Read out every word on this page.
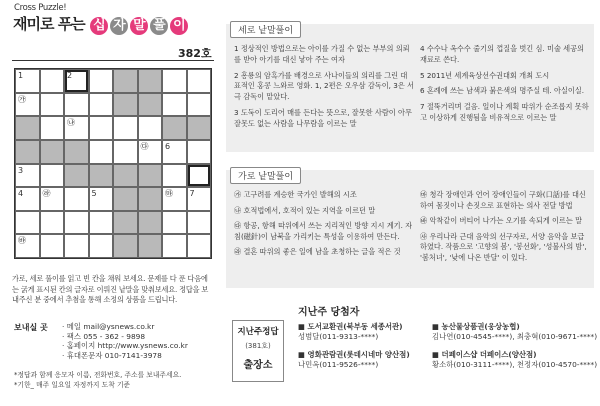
Cross Puzzle!
재미로 푸는 십 자 말 풀 이
382호
1	2
㉮
㉯
㉰ 6
3
4 ㉱	5	㉲ 7
㉳
가로, 세로 풀이를 읽고 빈 칸을 채워 보세요. 문제를 다 푼 다음에는 굵게 표시된 칸의 글자로 이뤄진 낱말을 맞춰보세요. 정답을 보내주신 분 중에서 추첨을 통해 소정의 상품을 드립니다.
보내실 곳 · 메일 mail@ysnews.co.kr
· 팩스 055 - 362 - 9898
· 홈페이지 http://www.ysnews.co.kr
· 휴대폰문자 010-7141-3978
*정답과 함께 응모자 이름, 전화번호, 주소를 보내주세요.
*기한_ 매주 일요일 자정까지 도착 기준
세로 낱말풀이
1 정상적인 방법으로는 아이를 가질 수 없는 부부의 의뢰를 받아 아기를 대신 낳아 주는 여자
2 흥룡의 암흑가를 배경으로 사나이들의 의리를 그린 대표적인 홍콩 느와르 영화. 1, 2편은 오우삼 감독이, 3은 서극 감독이 맡았다.
3 도둑이 도리어 매를 든다는 뜻으로, 잘못한 사람이 아무 잘못도 없는 사람을 나무람을 이르는 말
4 수수나 옥수수 줄기의 껍질을 벗긴 심. 미술 세공의 재료로 쓴다.
5 2011년 세계육상선수권대회 개최 도시
6 혼례에 쓰는 남색과 붉은색의 명주실 테. 아실이실.
7 절뚝거리며 걸음. 일이나 계획 따위가 순조롭지 못하고 이상하게 진행됨을 비유적으로 이르는 말
가로 낱말풀이
㉮ 고구려를 계승한 국가인 발해의 시조
㉯ 호적법에서, 호적이 있는 지역을 이르던 말
㉰ 항공, 항해 따위에서 쓰는 지리적인 방향 지시 계기. 자침(磁針)이 남북을 가리키는 특성을 이용하여 만든다.
㉱ 결혼 따위의 좋은 일에 남을 초청하는 글을 적은 것
㉲ 청각 장애인과 언어 장애인들이 구화(口話)를 대신하여 몸짓이나 손짓으로 표현하는 의사 전달 방법
㉳ 악착같이 버티어 나가는 오기를 속되게 이르는 말
㉴ 우리나라 근대 음악의 선구자로, 서양 음악을 보급하였다. 작품으로 '고향의 봄', '봉선화', '성불사의 밤', '봄처녀', '낮에 나온 반달' 이 있다.
지난주정답
(381호)
출장소
지난주 당첨자
■ 도서교환권(북부동 세종서관)
성범달(011-9313-****)
■ 영화관람권(롯데시네마 양산점)
나민옥(011-9526-****)
■ 농산물상품권(웅상농협)
김나연(010-4545-****), 최충혁(010-9671-****)
■ 더페이스샵 더페이스(양산점)
황소하(010-3111-****), 천정자(010-4570-****)
